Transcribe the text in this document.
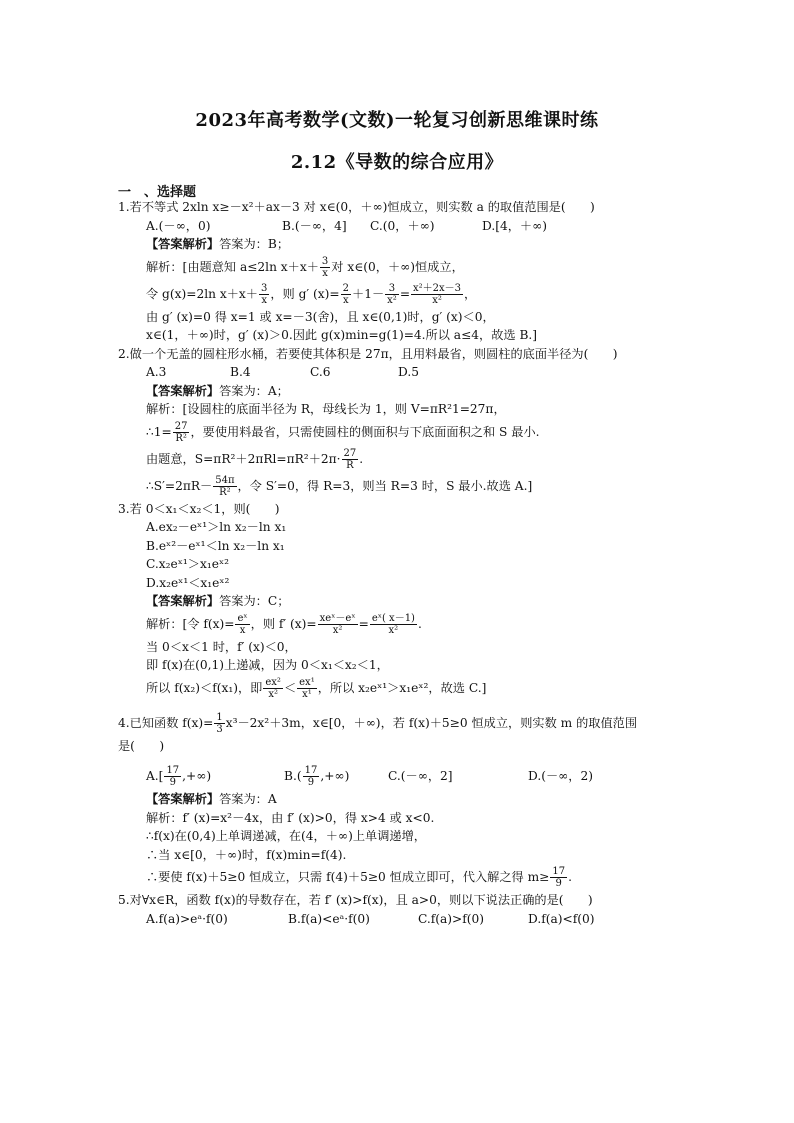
2023年高考数学(文数)一轮复习创新思维课时练
2.12《导数的综合应用》
一　、选择题
1.若不等式 2xln x≥－x²＋ax－3 对 x∈(0，＋∞)恒成立，则实数 a 的取值范围是(　　)
A.(－∞，0)	B.(－∞，4]	C.(0，＋∞)	D.[4，＋∞)
【答案解析】答案为：B；
解析：[由题意知 a≤2ln $x+x+ \frac{3}{x}$ 对 x∈(0，＋∞)恒成立，
令 g(x)=2ln $x+x+ \frac{3}{x}$ ，则 g′ $(x)= \frac{2}{x} +1- \frac{3}{\text{x²}} = \frac{\text{x²＋2x－3}}{\text{x²}}$ ，
由 g′ (x)=0 得 x=1 或 x=－3(舍)，且 x∈(0,1)时，g′ (x)＜0，
x∈(1，＋∞)时，g′ (x)＞0.因此 g(x)min=g(1)=4.所以 a≤4，故选 B.]
2.做一个无盖的圆柱形水桶，若要使其体积是 27π，且用料最省，则圆柱的底面半径为(　　)
A.3	B.4	C.6	D.5
【答案解析】答案为：A；
解析：[设圆柱的底面半径为 R，母线长为 1，则 V=πR²1=27π，
∴1= $\frac{27}{\text{R²}}$ ，要使用料最省，只需使圆柱的侧面积与下底面面积之和 S 最小.
由题意，$S=\pi R^2+2\pi Rl=\pi R^2+2\pi\cdot \frac{27}{R}$ .
∴S′=2πR－ $\frac{54\pi}{\text{R²}}$ ，令 S′=0，得 R=3，则当 R=3 时，S 最小.故选 A.]
3.若 0＜x₁＜x₂＜1，则(　　)
A.ex₂－eˣ¹＞ln x₂－ln x₁
B.eˣ²－eˣ¹＜ln x₂－ln x₁
C.x₂eˣ¹＞x₁eˣ²
D.x₂eˣ¹＜x₁eˣ²
【答案解析】答案为：C；
解析：[令 $f(x)= \frac{\text{eˣ}}{x}$ ，则 f′ $(x)= \frac{\text{xeˣ－eˣ}}{\text{x²}} = \frac{\text{eˣ( x－1)}}{\text{x²}}$ .
当 0＜x＜1 时，f′ (x)＜0，
即 f(x)在(0,1)上递减，因为 0＜x₁＜x₂＜1，
所以 f(x₂)＜f(x₁)，即 $\frac{\text{ex²}}{\text{x²}} < \frac{\text{ex¹}}{\text{x¹}}$ ，所以 x₂eˣ¹＞x₁eˣ²，故选 C.]
4.已知函数 $f(x)= \frac{1}{3} x^3-2x^2+3m$，x∈[0，＋∞)，若 f(x)＋5≥0 恒成立，则实数 m 的取值范围
是(　　)
$A.[ \frac{17}{9}$ ,+∞)	$B.( \frac{17}{9}$ ,+∞)	C.(－∞，2]	D.(－∞，2)
【答案解析】答案为：A
解析：f′ (x)=x²－4x，由 f′ (x)>0，得 x>4 或 x<0.
∴f(x)在(0,4)上单调递减，在(4，＋∞)上单调递增，
∴当 x∈[0，＋∞)时，f(x)min=f(4).
∴要使 f(x)＋5≥0 恒成立，只需 f(4)＋5≥0 恒成立即可，代入解之得 $m\ge \frac{17}{9}$ .
5.对∀x∈R，函数 f(x)的导数存在，若 f′ (x)>f(x)，且 a>0，则以下说法正确的是(　　)
A.f(a)>eᵃ·f(0)	B.f(a)<eᵃ·f(0)	C.f(a)>f(0)	D.f(a)<f(0)
